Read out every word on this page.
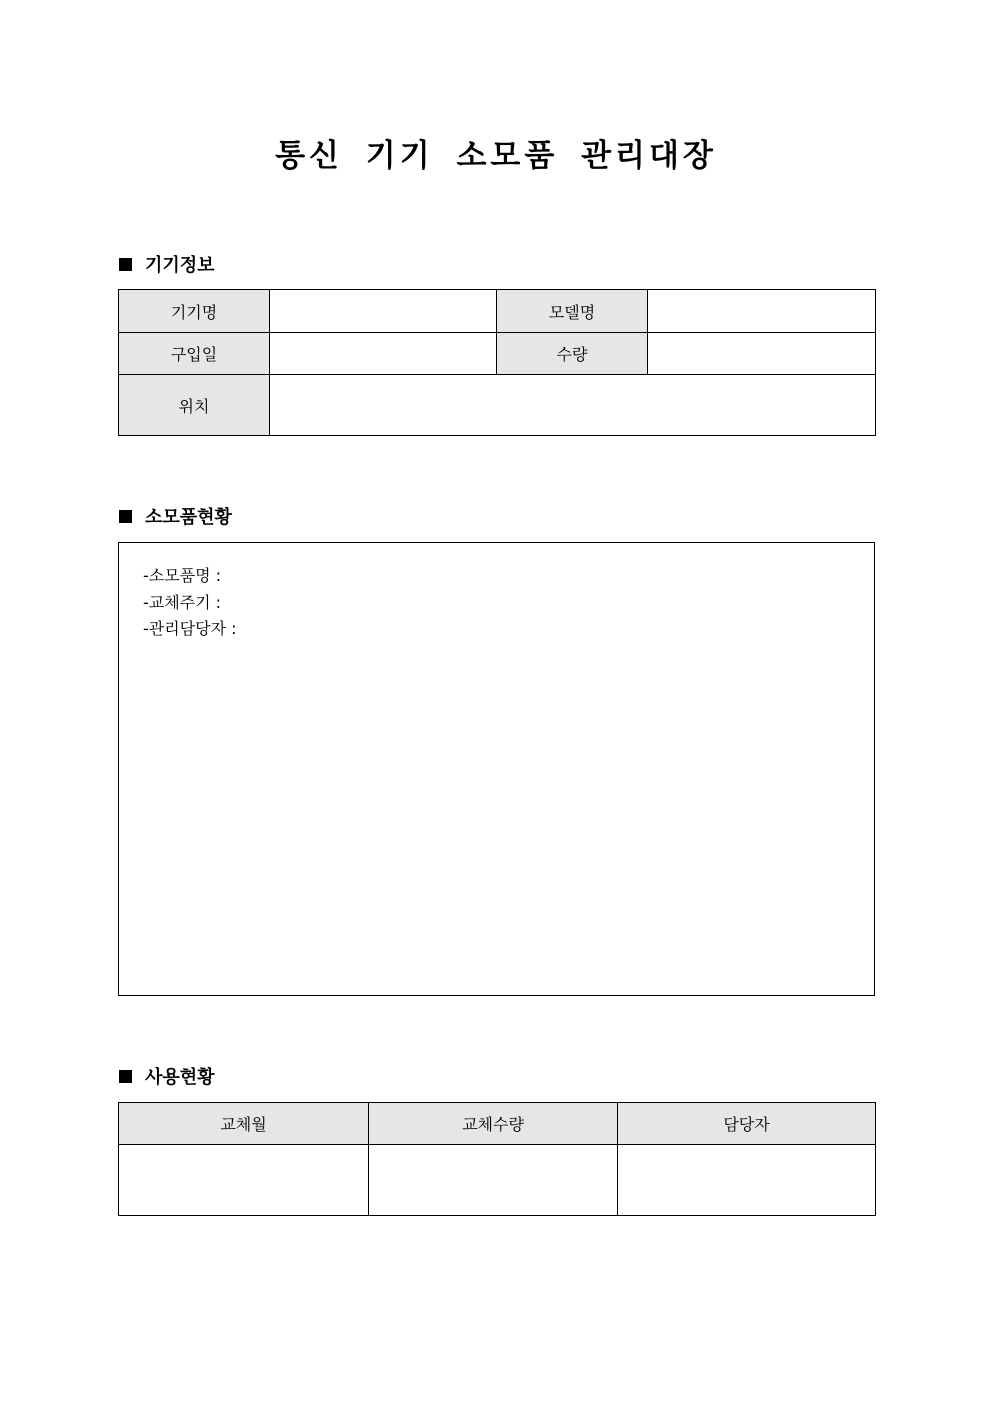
통신 기기 소모품 관리대장
기기정보
기기명		모델명	
구입일		수량	
위치			
소모품현황
-소모품명 :
-교체주기 :
-관리담당자 :
사용현황
교체월	교체수량	담당자
